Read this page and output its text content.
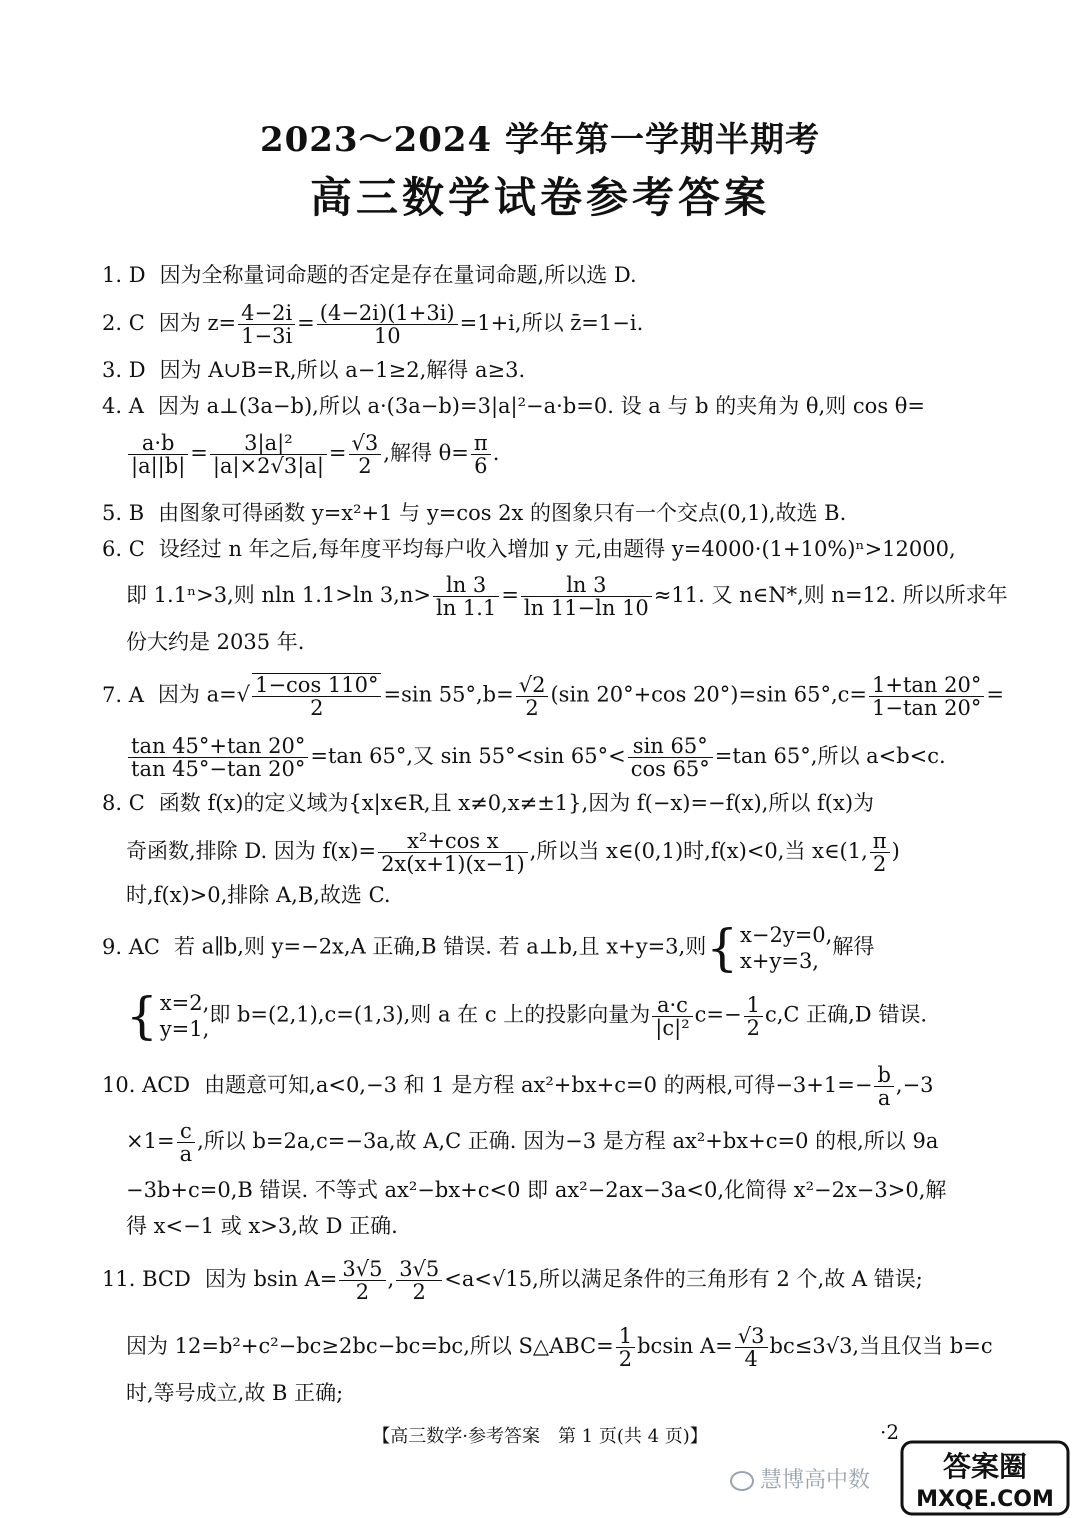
2023～2024 学年第一学期半期考
高三数学试卷参考答案
1. D 因为全称量词命题的否定是存在量词命题,所以选 D.
2. C 因为 $z= \frac{4-2i}{1-3i} = \frac{(4-2i)(1+3i)}{10} =1+i$,所以 z̄=1−i.
3. D 因为 A∪B=R,所以 a−1≥2,解得 a≥3.
4. A 因为 a⊥(3a−b),所以 a·(3a−b)=3|a|²−a·b=0. 设 a 与 b 的夹角为 θ,则 cos θ=
$\frac{a\cdot b}{|a||b|} = \frac{\text{3|a|²}}{|a|\times 2√3|a|} = \frac{√3}{2}$ ,解得 $\theta= \frac{\pi}{6}$ .
5. B 由图象可得函数 y=x²+1 与 y=cos 2x 的图象只有一个交点(0,1),故选 B.
6. C 设经过 n 年之后,每年度平均每户收入增加 y 元,由题得 y=4000·(1+10%)ⁿ>12000,
即 1.1ⁿ>3,则 nln 1.1>ln $3,n> \frac{\ln 3}{\ln 1.1} = \frac{\ln 3}{\ln 11-\ln 10} \approx 11$. 又 n∈N*,则 n=12. 所以所求年
份大约是 2035 年.
7. A 因为 $a=√ \frac{1-\cos 110^\circ}{2} =\sin$ $55^\circ,b= \frac{√2}{2} (\sin$ 20°+cos 20°)=sin $65^\circ,c= \frac{1+\tan 20^\circ}{1-\tan 20^\circ}$ =
$\frac{\tan 45^\circ+\tan 20^\circ}{\tan 45^\circ-\tan 20^\circ} =\tan$ 65°,又 sin 55°<sin $65^\circ< \frac{\sin 65^\circ}{\cos 65^\circ} =\tan$ 65°,所以 a<b<c.
8. C 函数 f(x)的定义域为{x|x∈R,且 x≠0,x≠±1},因为 f(−x)=−f(x),所以 f(x)为
奇函数,排除 D. 因为 $f(x)= \frac{\text{x²+cos x}}{2x(x+1)(x-1)}$ ,所以当 x∈(0,1)时,f(x)<0,当 x∈(1, $\frac{\pi}{2}$ )
时,f(x)>0,排除 A,B,故选 C.
9. AC 若 a∥b,则 y=−2x,A 正确,B 错误. 若 a⊥b,且 x+y=3,则{ x−2y=0,
x+y=3,
解得
{ x=2,
y=1,
即 b=(2,1),c=(1,3),则 a 在 c 上的投影向量为 $\frac{a\cdot c}{\text{|c|²}} c=- \frac{1}{2} c,C$ 正确,D 错误.
10. ACD 由题意可知,a<0,−3 和 1 是方程 ax²+bx+c=0 的两根,可得$-3+1=- \frac{b}{a} ,-3$
$\times 1= \frac{c}{a}$ ,所以 b=2a,c=−3a,故 A,C 正确. 因为−3 是方程 ax²+bx+c=0 的根,所以 9a
−3b+c=0,B 错误. 不等式 ax²−bx+c<0 即 ax²−2ax−3a<0,化简得 x²−2x−3>0,解
得 x<−1 或 x>3,故 D 正确.
11. BCD 因为 bsin $A= \frac{3√5}{2}$ , $\frac{3√5}{2} <a<√15$,所以满足条件的三角形有 2 个,故 A 错误;
因为 12=b²+c²−bc≥2bc−bc=bc,所以 S△ABC= $\frac{1}{2}$ bcsin $A= \frac{√3}{4} bc\le 3√3$,当且仅当 b=c
时,等号成立,故 B 正确;
【高三数学·参考答案　第 1 页(共 4 页)】	·2
慧博高中数	答案圈
MXQE.COM
